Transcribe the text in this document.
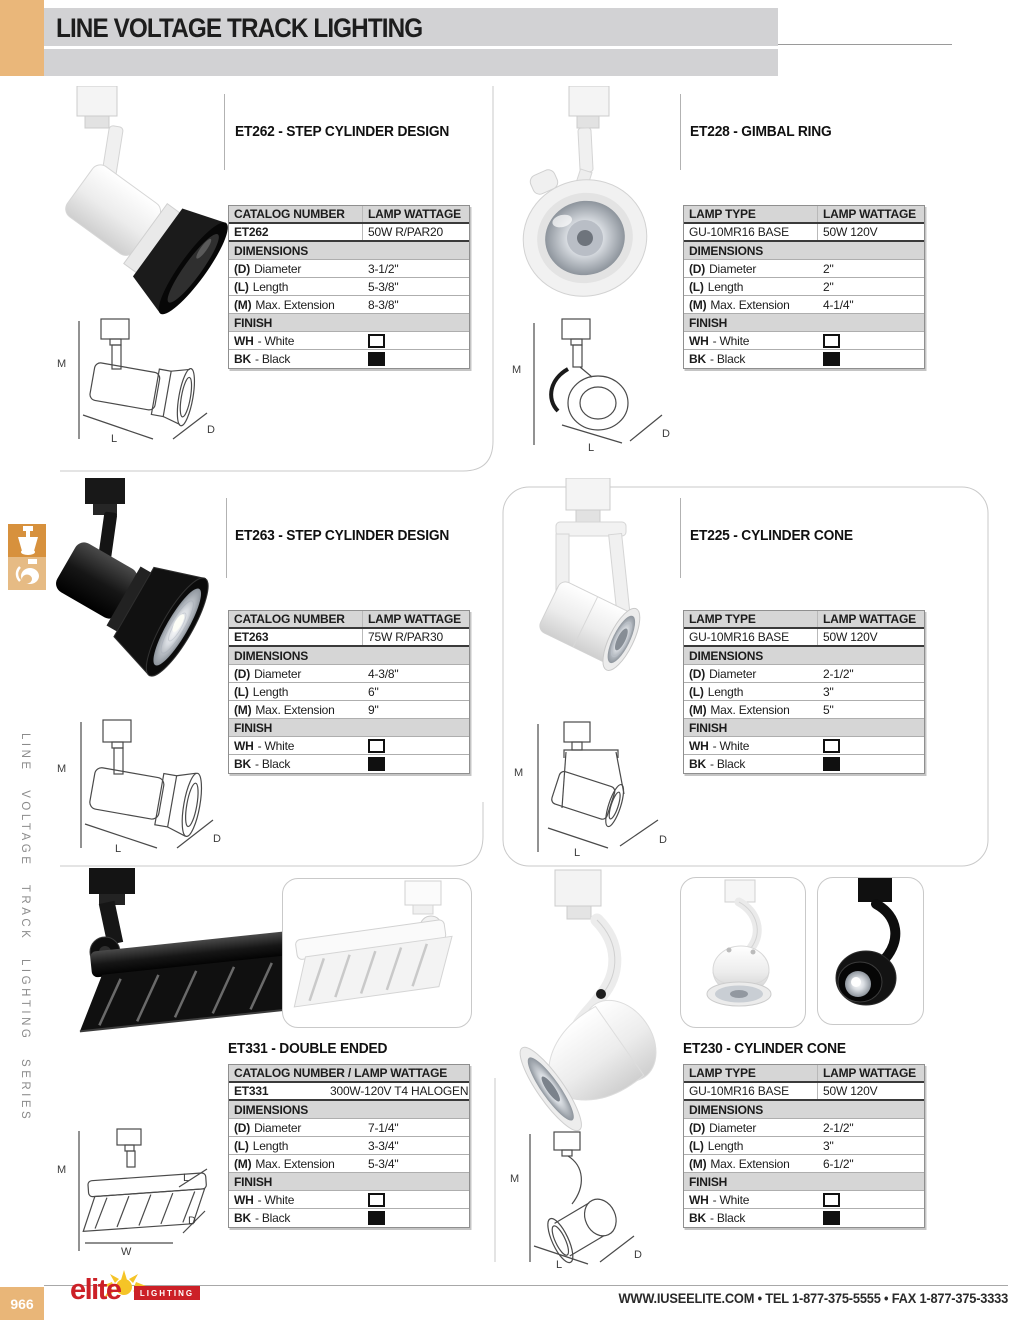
LINE VOLTAGE TRACK LIGHTING
LINE VOLTAGE TRACK LIGHTING SERIES
ET262 - STEP CYLINDER DESIGN
CATALOG NUMBER	LAMP WATTAGE
ET262	50W R/PAR20
DIMENSIONS
(D) Diameter	3-1/2"
(L) Length	5-3/8"
(M) Max. Extension	8-3/8"
FINISH
WH - White
BK - Black
M
L
D
ET228 - GIMBAL RING
LAMP TYPE	LAMP WATTAGE
GU-10MR16 BASE	50W 120V
DIMENSIONS
(D) Diameter	2"
(L) Length	2"
(M) Max. Extension	4-1/4"
FINISH
WH - White
BK - Black
M
L
D
ET263 - STEP CYLINDER DESIGN
CATALOG NUMBER	LAMP WATTAGE
ET263	75W R/PAR30
DIMENSIONS
(D) Diameter	4-3/8"
(L) Length	6"
(M) Max. Extension	9"
FINISH
WH - White
BK - Black
M
L
D
ET225 - CYLINDER CONE
LAMP TYPE	LAMP WATTAGE
GU-10MR16 BASE	50W 120V
DIMENSIONS
(D) Diameter	2-1/2"
(L) Length	3"
(M) Max. Extension	5"
FINISH
WH - White
BK - Black
M
L
D
ET331 - DOUBLE ENDED
CATALOG NUMBER / LAMP WATTAGE
ET331	300W-120V T4 HALOGEN
DIMENSIONS
(D) Diameter	7-1/4"
(L) Length	3-3/4"
(M) Max. Extension	5-3/4"
FINISH
WH - White
BK - Black
M
L
D
W
ET230 - CYLINDER CONE
LAMP TYPE	LAMP WATTAGE
GU-10MR16 BASE	50W 120V
DIMENSIONS
(D) Diameter	2-1/2"
(L) Length	3"
(M) Max. Extension	6-1/2"
FINISH
WH - White
BK - Black
M
L
D
966	elite	LIGHTING	WWW.IUSEELITE.COM • TEL 1-877-375-5555 • FAX 1-877-375-3333
